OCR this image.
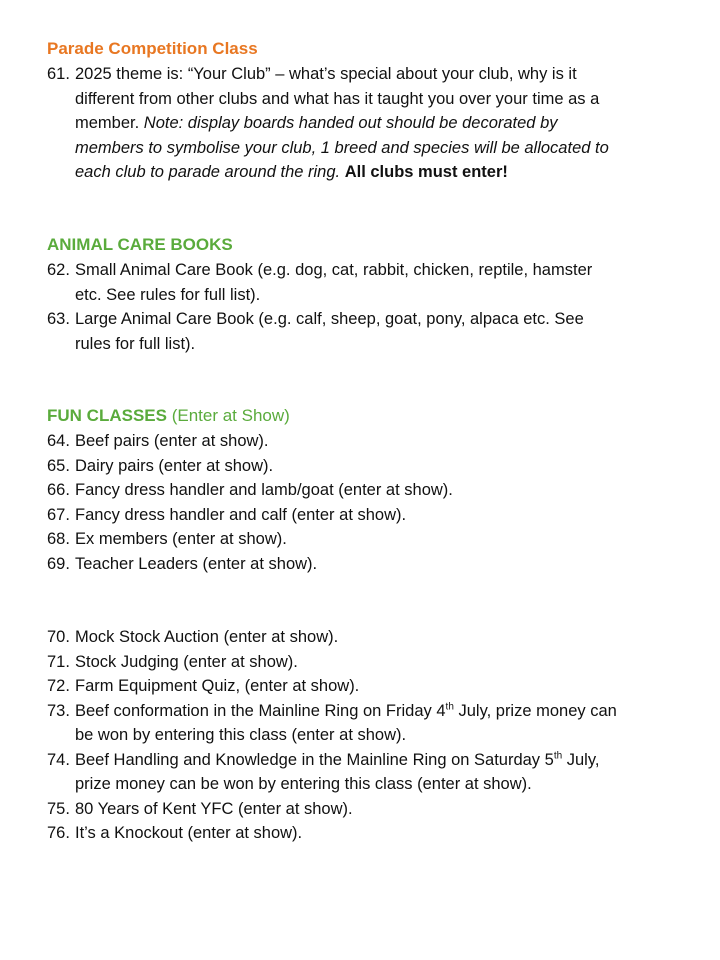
Parade Competition Class
61. 2025 theme is: “Your Club” – what’s special about your club, why is it
different from other clubs and what has it taught you over your time as a
member. Note: display boards handed out should be decorated by
members to symbolise your club, 1 breed and species will be allocated to
each club to parade around the ring. All clubs must enter!
ANIMAL CARE BOOKS
62. Small Animal Care Book (e.g. dog, cat, rabbit, chicken, reptile, hamster
etc. See rules for full list).
63. Large Animal Care Book (e.g. calf, sheep, goat, pony, alpaca etc. See
rules for full list).
FUN CLASSES (Enter at Show)
64. Beef pairs (enter at show).
65. Dairy pairs (enter at show).
66. Fancy dress handler and lamb/goat (enter at show).
67. Fancy dress handler and calf (enter at show).
68. Ex members (enter at show).
69. Teacher Leaders (enter at show).
70. Mock Stock Auction (enter at show).
71. Stock Judging (enter at show).
72. Farm Equipment Quiz, (enter at show).
73. Beef conformation in the Mainline Ring on Friday 4th July, prize money can
be won by entering this class (enter at show).
74. Beef Handling and Knowledge in the Mainline Ring on Saturday 5th July,
prize money can be won by entering this class (enter at show).
75. 80 Years of Kent YFC (enter at show).
76. It’s a Knockout (enter at show).
